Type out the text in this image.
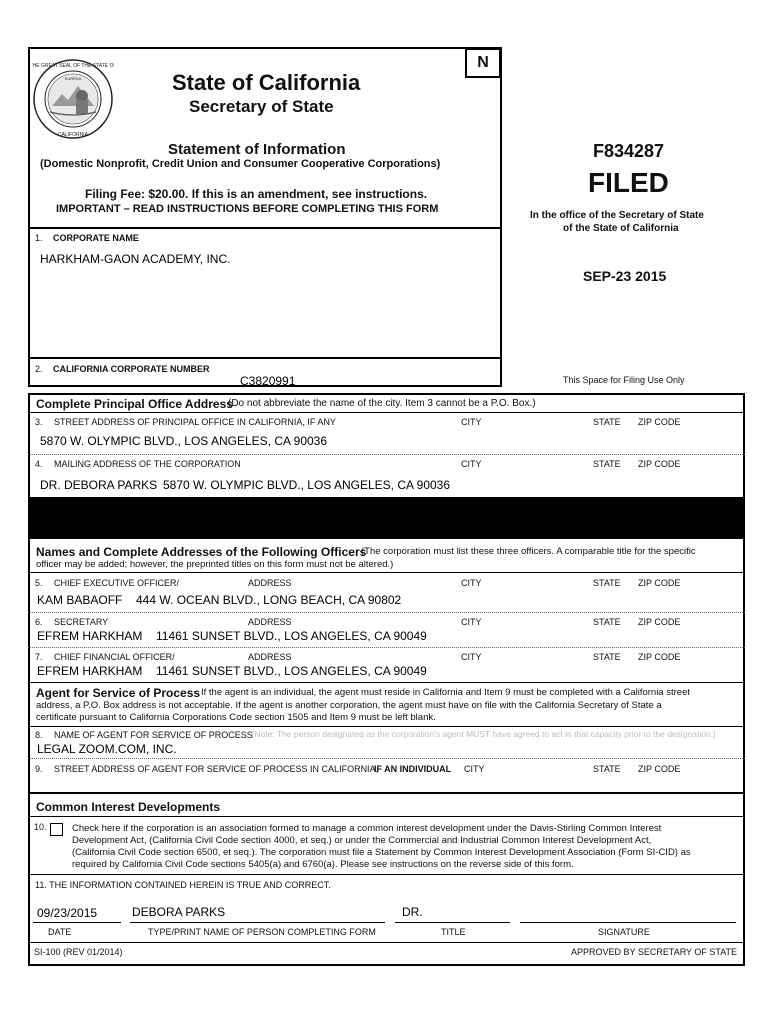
N
THE GREAT SEAL OF THE STATE OF
CALIFORNIA
EUREKA	State of California
Secretary of State
Statement of Information
(Domestic Nonprofit, Credit Union and Consumer Cooperative Corporations)
Filing Fee: $20.00. If this is an amendment, see instructions.
IMPORTANT – READ INSTRUCTIONS BEFORE COMPLETING THIS FORM
F834287
FILED
In the office of the Secretary of State
of the State of California
SEP-23 2015
This Space for Filing Use Only
1. CORPORATE NAME
HARKHAM-GAON ACADEMY, INC.
2. CALIFORNIA CORPORATE NUMBER
C3820991
Complete Principal Office Address
(Do not abbreviate the name of the city. Item 3 cannot be a P.O. Box.)
3. STREET ADDRESS OF PRINCIPAL OFFICE IN CALIFORNIA, IF ANY	CITY	STATE ZIP CODE
5870 W. OLYMPIC BLVD., LOS ANGELES, CA 90036
4. MAILING ADDRESS OF THE CORPORATION	CITY	STATE ZIP CODE
DR. DEBORA PARKS 5870 W. OLYMPIC BLVD., LOS ANGELES, CA 90036
Names and Complete Addresses of the Following Officers
(The corporation must list these three officers. A comparable title for the specific
officer may be added; however, the preprinted titles on this form must not be altered.)
5. CHIEF EXECUTIVE OFFICER/	ADDRESS	CITY	STATE ZIP CODE
KAM BABAOFF 444 W. OCEAN BLVD., LONG BEACH, CA 90802
6. SECRETARY	ADDRESS	CITY	STATE ZIP CODE
EFREM HARKHAM 11461 SUNSET BLVD., LOS ANGELES, CA 90049
7. CHIEF FINANCIAL OFFICER/	ADDRESS	CITY	STATE ZIP CODE
EFREM HARKHAM 11461 SUNSET BLVD., LOS ANGELES, CA 90049
Agent for Service of Process If the agent is an individual, the agent must reside in California and Item 9 must be completed with a California street
address, a P.O. Box address is not acceptable. If the agent is another corporation, the agent must have on file with the California Secretary of State a
certificate pursuant to California Corporations Code section 1505 and Item 9 must be left blank.
8. NAME OF AGENT FOR SERVICE OF PROCESS [Note: The person designated as the corporation's agent MUST have agreed to act in that capacity prior to the designation.]
LEGAL ZOOM.COM, INC.
9. STREET ADDRESS OF AGENT FOR SERVICE OF PROCESS IN CALIFORNIA,
IF AN INDIVIDUAL CITY	STATE ZIP CODE
Common Interest Developments
10.	Check here if the corporation is an association formed to manage a common interest development under the Davis-Stirling Common Interest
Development Act, (California Civil Code section 4000, et seq.) or under the Commercial and Industrial Common Interest Development Act,
(California Civil Code section 6500, et seq.). The corporation must file a Statement by Common Interest Development Association (Form SI-CID) as
required by California Civil Code sections 5405(a) and 6760(a). Please see instructions on the reverse side of this form.
11. THE INFORMATION CONTAINED HEREIN IS TRUE AND CORRECT.
09/23/2015	DEBORA PARKS	DR.
DATE	TYPE/PRINT NAME OF PERSON COMPLETING FORM	TITLE	SIGNATURE
SI-100 (REV 01/2014)	APPROVED BY SECRETARY OF STATE
